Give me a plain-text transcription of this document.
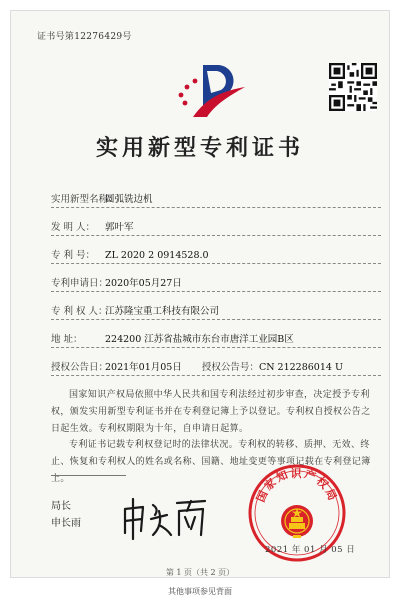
证书号第12276429号
实用新型专利证书
实用新型名称：圆弧铣边机
发 明 人： 郭叶军
专 利 号： ZL 2020 2 0914528.0
专利申请日：2020年05月27日
专 利 权 人：江苏隆宝重工科技有限公司
地 址： 224200 江苏省盐城市东台市唐洋工业园B区
授权公告日：2021年01月05日 授权公告号：CN 212286014 U
国家知识产权局依照中华人民共和国专利法经过初步审查，决定授予专利权，颁发实用新型专利证书并在专利登记簿上予以登记。专利权自授权公告之日起生效。专利权期限为十年，自申请日起算。
专利证书记载专利权登记时的法律状况。专利权的转移、质押、无效、终止、恢复和专利权人的姓名或名称、国籍、地址变更等事项记载在专利登记簿上。
局长
申长雨
国家知识产权局
2021 年 01 月 05 日
第 1 页（共 2 页）
其他事项参见背面
